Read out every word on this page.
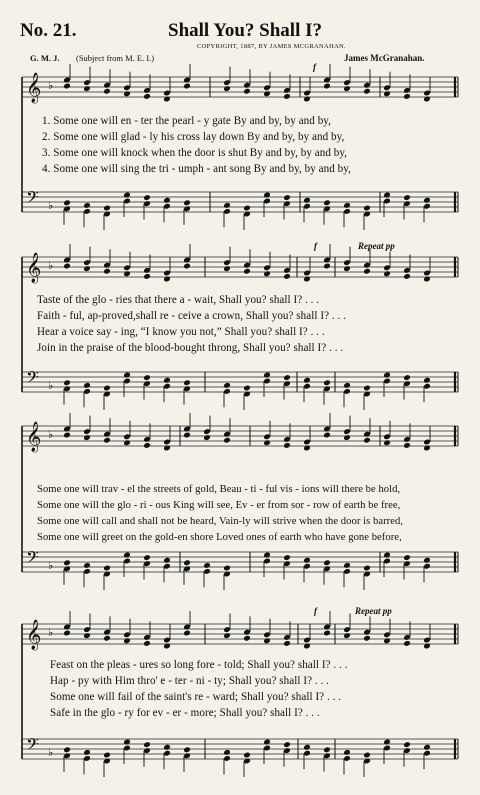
No. 21.	Shall You? Shall I?
COPYRIGHT, 1887, BY JAMES MCGRANAHAN.
G. M. J. (Subject from M. E. I.)	James McGranahan.
𝄞 ♭
𝄢 ♭
𝄞 ♭
𝄢 ♭
𝄞 ♭
𝄢 ♭
𝄞 ♭
𝄢 ♭
f
1. Some one will en - ter the pearl - y gate By and by, by and by,
2. Some one will glad - ly his cross lay down By and by, by and by,
3. Some one will knock when the door is shut By and by, by and by,
4. Some one will sing the tri - umph - ant song By and by, by and by,
f	Repeat pp
Taste of the glo - ries that there a - wait, Shall you? shall I? . . .
Faith - ful, ap-proved,shall re - ceive a crown, Shall you? shall I? . . .
Hear a voice say - ing, “I know you not,” Shall you? shall I? . . .
Join in the praise of the blood-bought throng, Shall you? shall I? . . .
Some one will trav - el the streets of gold, Beau - ti - ful vis - ions will there be hold,
Some one will the glo - ri - ous King will see, Ev - er from sor - row of earth be free,
Some one will call and shall not be heard, Vain-ly will strive when the door is barred,
Some one will greet on the gold-en shore Loved ones of earth who have gone before,
f	Repeat pp
Feast on the pleas - ures so long fore - told; Shall you? shall I? . . .
Hap - py with Him thro' e - ter - ni - ty; Shall you? shall I? . . .
Some one will fail of the saint's re - ward; Shall you? shall I? . . .
Safe in the glo - ry for ev - er - more; Shall you? shall I? . . .
